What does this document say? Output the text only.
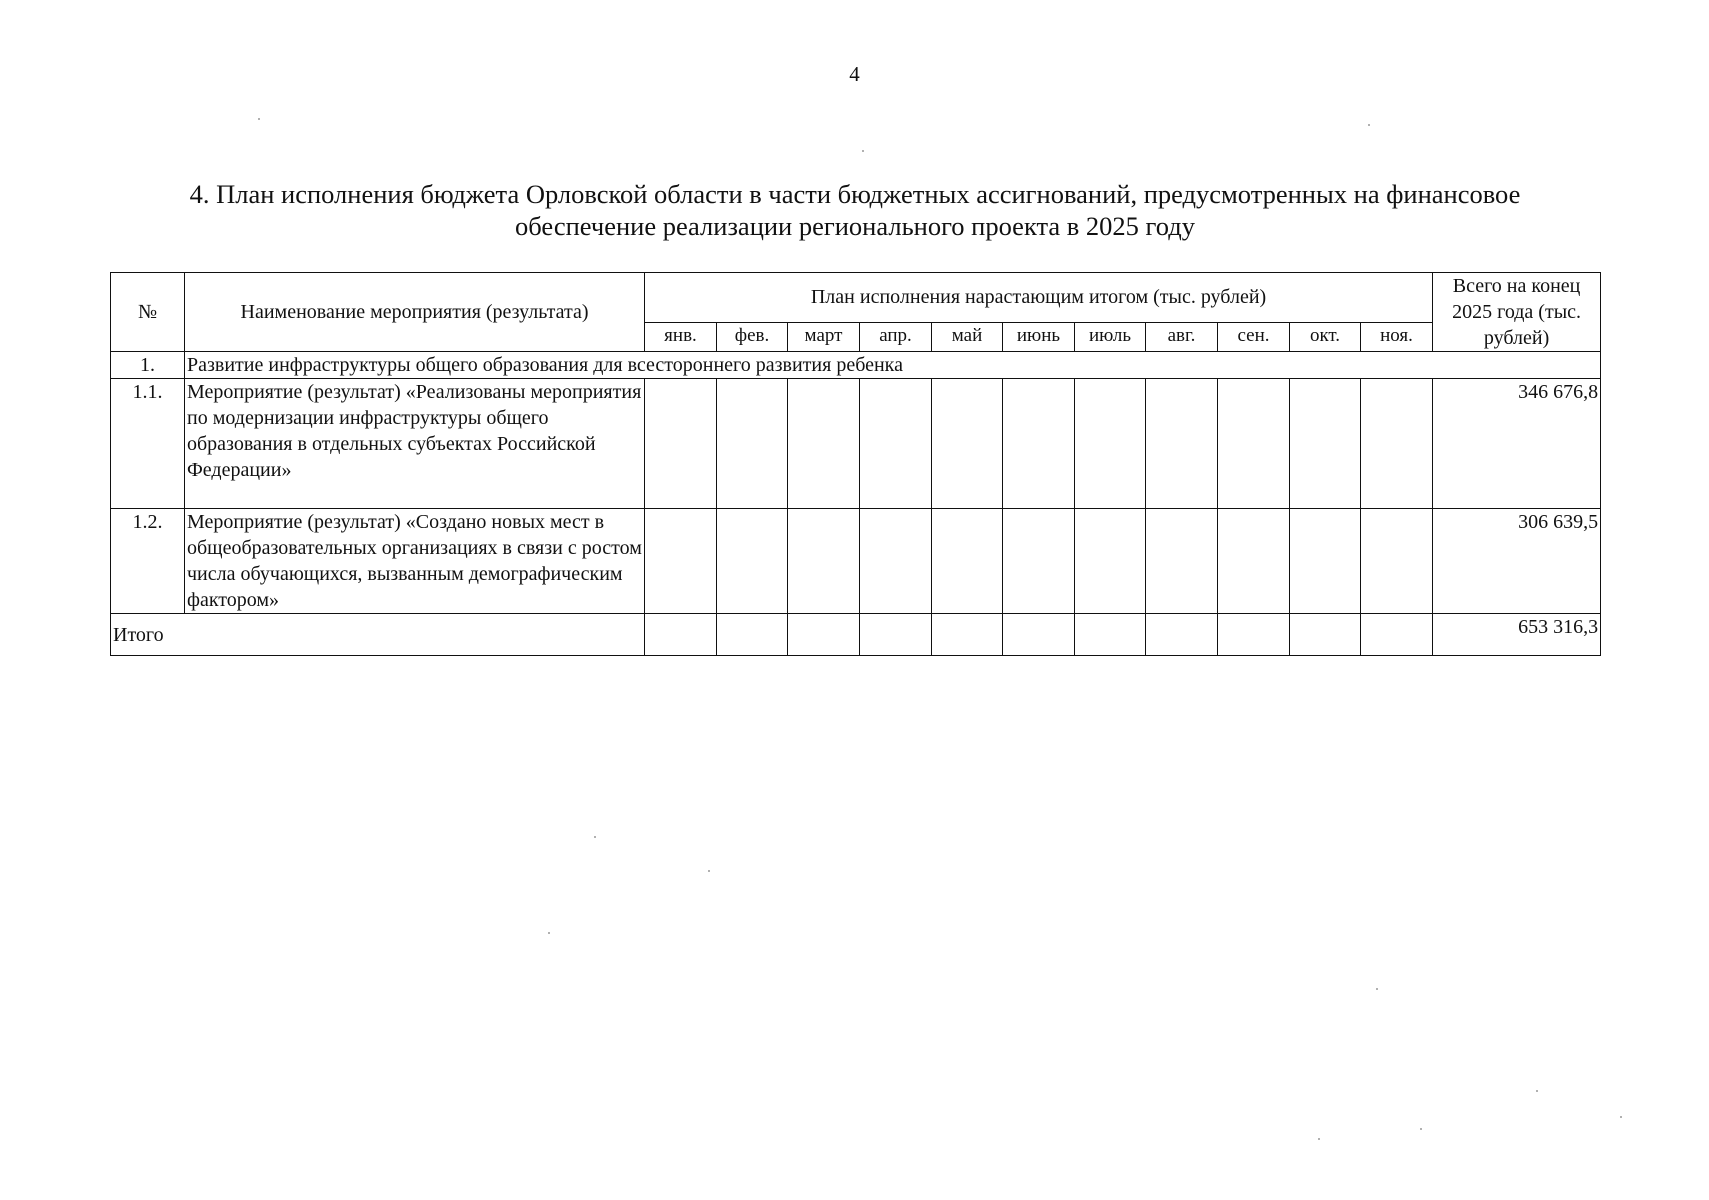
4
4. План исполнения бюджета Орловской области в части бюджетных ассигнований, предусмотренных на финансовое
обеспечение реализации регионального проекта в 2025 году
№	Наименование мероприятия (результата)	План исполнения нарастающим итогом (тыс. рублей)											Всего на конец 2025 года (тыс. рублей)
		янв.	фев.	март	апр.	май	июнь	июль	авг.	сен.	окт.	ноя.	
1.	Развитие инфраструктуры общего образования для всестороннего развития ребенка												
1.1.	Мероприятие (результат) «Реализованы мероприятия по модернизации инфраструктуры общего образования в отдельных субъектах Российской Федерации»												346 676,8
1.2.	Мероприятие (результат) «Создано новых мест в общеобразовательных организациях в связи с ростом числа обучающихся, вызванным демографическим фактором»												306 639,5
Итого													653 316,3
